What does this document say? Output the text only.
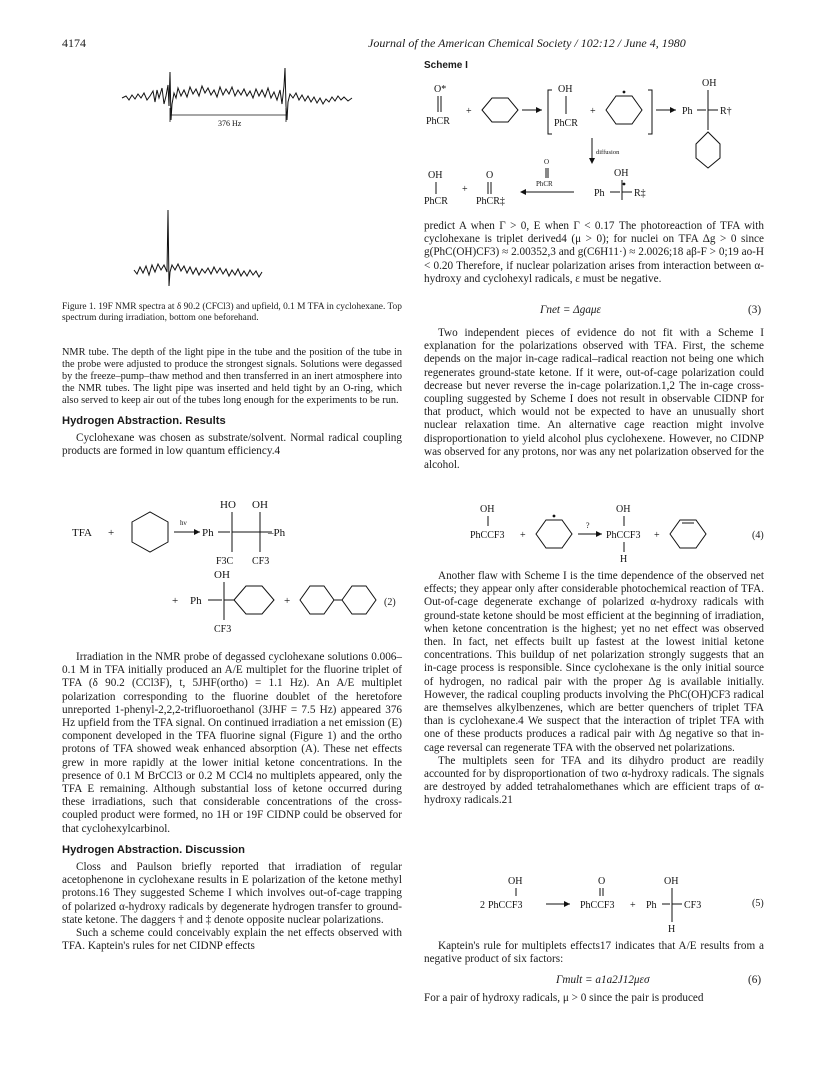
4174	Journal of the American Chemical Society / 102:12 / June 4, 1980
376 Hz
Figure 1. 19F NMR spectra at δ 90.2 (CFCl3) and upfield, 0.1 M TFA in cyclohexane. Top spectrum during irradiation, bottom one beforehand.

NMR tube. The depth of the light pipe in the tube and the position of the tube in the probe were adjusted to produce the strongest signals. Solutions were degassed by the freeze–pump–thaw method and then transferred in an inert atmosphere into the NMR tubes. The light pipe was inserted and held tight by an O-ring, which also served to keep air out of the tubes long enough for the experiments to be run.

Hydrogen Abstraction. Results

Cyclohexane was chosen as substrate/solvent. Normal radical coupling products are formed in low quantum efficiency.4

TFA +
hν
Ph
HO OH
–Ph
F3C CF3
+ Ph
OH
CF3
+	(2)

Irradiation in the NMR probe of degassed cyclohexane solutions 0.006–0.1 M in TFA initially produced an A/E multiplet for the fluorine triplet of TFA (δ 90.2 (CCl3F), t, 5JHF(ortho) = 1.1 Hz). An A/E multiplet polarization corresponding to the fluorine doublet of the heretofore unreported 1-phenyl-2,2,2-trifluoroethanol (3JHF = 7.5 Hz) appeared 376 Hz upfield from the TFA signal. On continued irradiation a net emission (E) component developed in the TFA fluorine signal (Figure 1) and the ortho protons of TFA showed weak enhanced absorption (A). These net effects grew in more rapidly at the lower initial ketone concentrations. In the presence of 0.1 M BrCCl3 or 0.2 M CCl4 no multiplets appeared, only the TFA E remaining. Although substantial loss of ketone occurred during these irradiations, such that considerable concentrations of the cross-coupled product were formed, no 1H or 19F CIDNP could be observed for that cyclohexylcarbinol.

Hydrogen Abstraction. Discussion

Closs and Paulson briefly reported that irradiation of regular acetophenone in cyclohexane results in E polarization of the ketone methyl protons.16 They suggested Scheme I which involves out-of-cage trapping of polarized α-hydroxy radicals by degenerate hydrogen transfer to ground-state ketone. The daggers † and ‡ denote opposite nuclear polarizations.

Such a scheme could conceivably explain the net effects observed with TFA. Kaptein's rules for net CIDNP effects

Scheme I
O*
PhCR
+
OH
PhCR
+	Ph
OH
R†
diffusion
OH
PhCR
+
O
PhCR‡
O
PhCR
Ph
OH
R‡

predict A when Γ > 0, E when Γ < 0.17 The photoreaction of TFA with cyclohexane is triplet derived4 (μ > 0); for nuclei on TFA Δg > 0 since g(PhC(OH)CF3) ≈ 2.00352,3 and g(C6H11·) ≈ 2.0026;18 aβ-F > 0;19 aο-H < 0.20 Therefore, if nuclear polarization arises from interaction between α-hydroxy and cyclohexyl radicals, ε must be negative.

Γnet = Δgaμε	(3)

Two independent pieces of evidence do not fit with a Scheme I explanation for the polarizations observed with TFA. First, the scheme depends on the major in-cage radical–radical reaction not being one which regenerates ground-state ketone. If it were, out-of-cage polarization could decrease but never reverse the in-cage polarization.1,2 The in-cage cross-coupling suggested by Scheme I does not result in observable CIDNP for that product, which would not be expected to have an unusually short nuclear relaxation time. An alternative cage reaction might involve disproportionation to yield alcohol plus cyclohexene. However, no CIDNP was observed for any protons, nor was any net polarization observed for the alcohol.

OH
PhCCF3 +
?
OH
PhCCF3
H
+	(4)

Another flaw with Scheme I is the time dependence of the observed net effects; they appear only after considerable photochemical reaction of TFA. Out-of-cage degenerate exchange of polarized α-hydroxy radicals with ground-state ketone should be most efficient at the beginning of irradiation, when ketone concentration is the highest; yet no net effect was observed then. In fact, net effects built up fastest at the lowest initial ketone concentrations. This buildup of net polarization strongly suggests that an in-cage process is responsible. Since cyclohexane is the only initial source of hydrogen, no radical pair with the proper Δg is available initially. However, the radical coupling products involving the PhC(OH)CF3 radical are themselves alkylbenzenes, which are better quenchers of triplet TFA than is cyclohexane.4 We suspect that the interaction of triplet TFA with one of these products produces a radical pair with Δg negative so that in-cage reversal can regenerate TFA with the observed net polarizations.

The multiplets seen for TFA and its dihydro product are readily accounted for by disproportionation of two α-hydroxy radicals. The signals are destroyed by added tetrahalomethanes which are efficient traps of α-hydroxy radicals.21

OH
2 PhCCF3
O
PhCCF3 + Ph
OH
CF3
H
(5)

Kaptein's rule for multiplets effects17 indicates that A/E results from a negative product of six factors:

Γmult = a1a2J12μεσ	(6)

For a pair of hydroxy radicals, μ > 0 since the pair is produced
